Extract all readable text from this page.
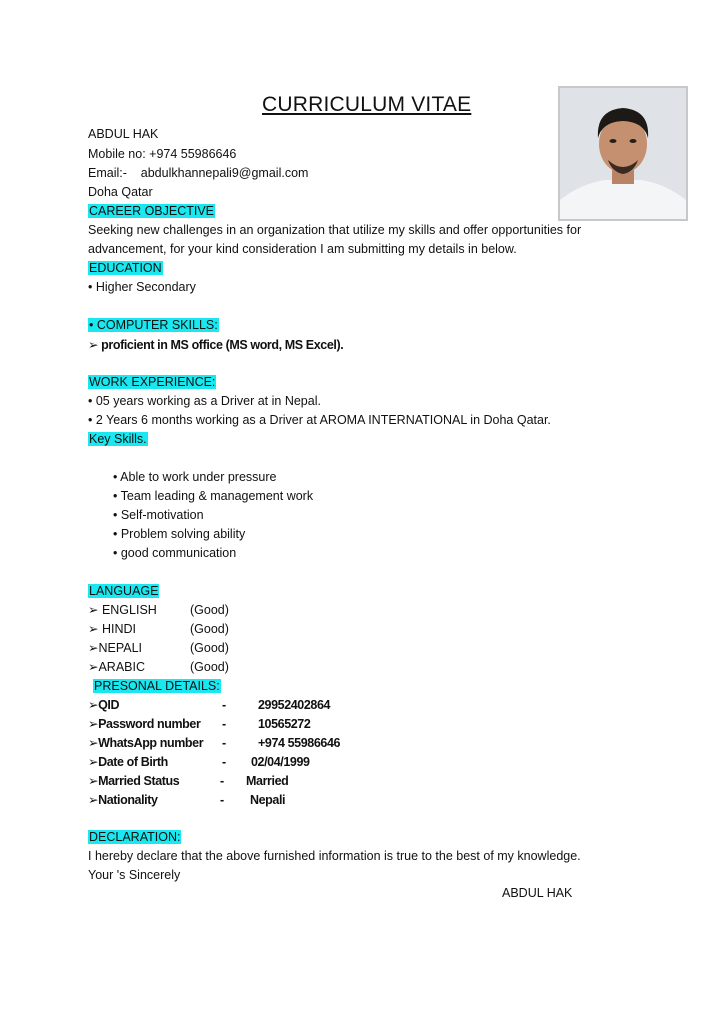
CURRICULUM VITAE
ABDUL HAK
Mobile no: +974 55986646
Email:-    abdulkhannepali9@gmail.com
Doha Qatar
CAREER OBJECTIVE
Seeking new challenges in an organization that utilize my skills and offer opportunities for
advancement, for your kind consideration I am submitting my details in below.
EDUCATION
• Higher Secondary
• COMPUTER SKILLS:
➢ proficient in MS office (MS word, MS Excel).
WORK EXPERIENCE:
• 05 years working as a Driver at in Nepal.
• 2 Years 6 months working as a Driver at AROMA INTERNATIONAL in Doha Qatar.
Key Skills.
• Able to work under pressure
• Team leading & management work
• Self-motivation
• Problem solving ability
• good communication
LANGUAGE
➢ ENGLISH	(Good)
➢ HINDI	(Good)
➢NEPALI	(Good)
➢ARABIC	(Good)
PRESONAL DETAILS:
➢QID	-	29952402864
➢Password number -	10565272
➢WhatsApp number -	+974 55986646
➢Date of Birth	- 02/04/1999
➢Married Status	- Married
➢Nationality	- Nepali
DECLARATION:
I hereby declare that the above furnished information is true to the best of my knowledge.
Your 's Sincerely
ABDUL HAK
